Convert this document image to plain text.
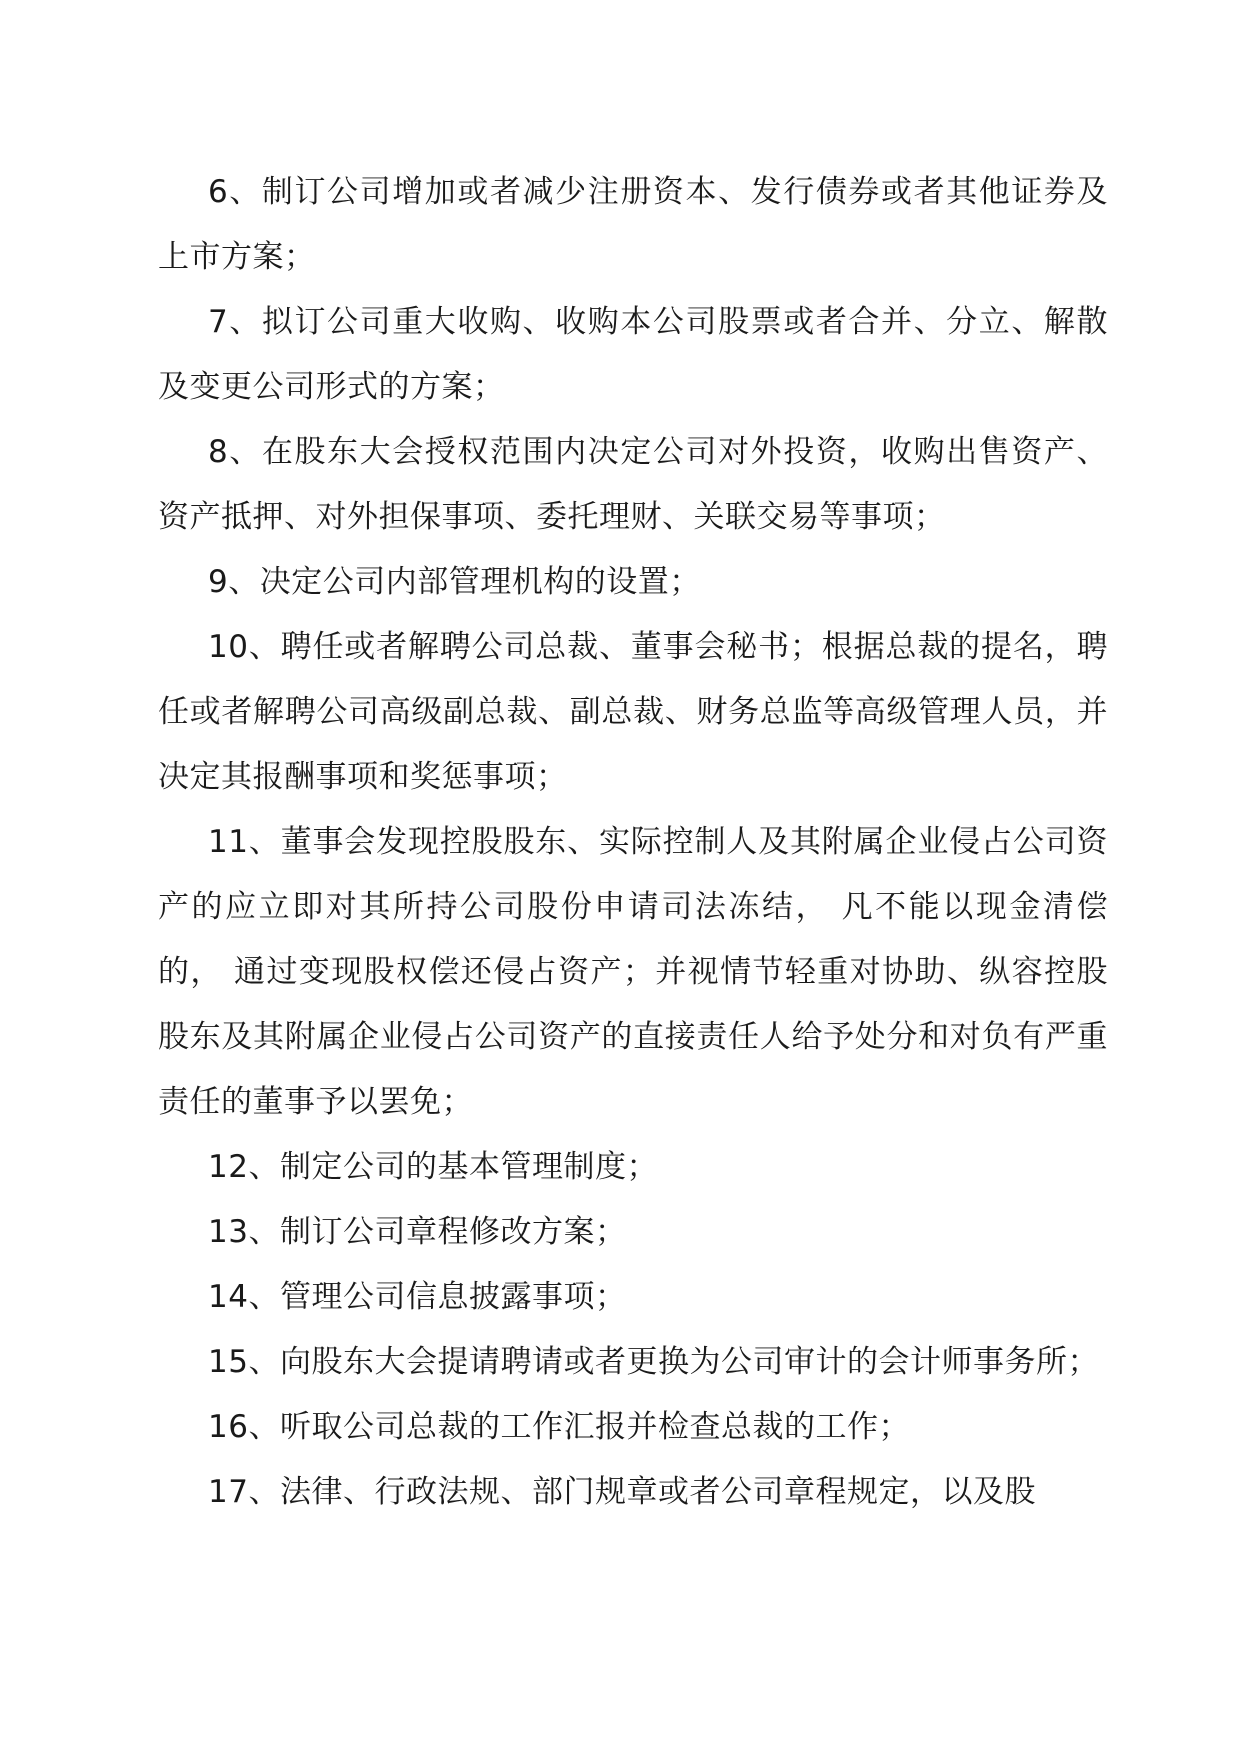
6、制订公司增加或者减少注册资本、发行债券或者其他证券及上市方案；

7、拟订公司重大收购、收购本公司股票或者合并、分立、解散及变更公司形式的方案；

8、在股东大会授权范围内决定公司对外投资，收购出售资产、资产抵押、对外担保事项、委托理财、关联交易等事项；

9、决定公司内部管理机构的设置；

10、聘任或者解聘公司总裁、董事会秘书；根据总裁的提名，聘任或者解聘公司高级副总裁、副总裁、财务总监等高级管理人员，并决定其报酬事项和奖惩事项；

11、董事会发现控股股东、实际控制人及其附属企业侵占公司资产的应立即对其所持公司股份申请司法冻结， 凡不能以现金清偿的， 通过变现股权偿还侵占资产；并视情节轻重对协助、纵容控股股东及其附属企业侵占公司资产的直接责任人给予处分和对负有严重责任的董事予以罢免；

12、制定公司的基本管理制度；

13、制订公司章程修改方案；

14、管理公司信息披露事项；

15、向股东大会提请聘请或者更换为公司审计的会计师事务所；

16、听取公司总裁的工作汇报并检查总裁的工作；

17、法律、行政法规、部门规章或者公司章程规定，以及股
